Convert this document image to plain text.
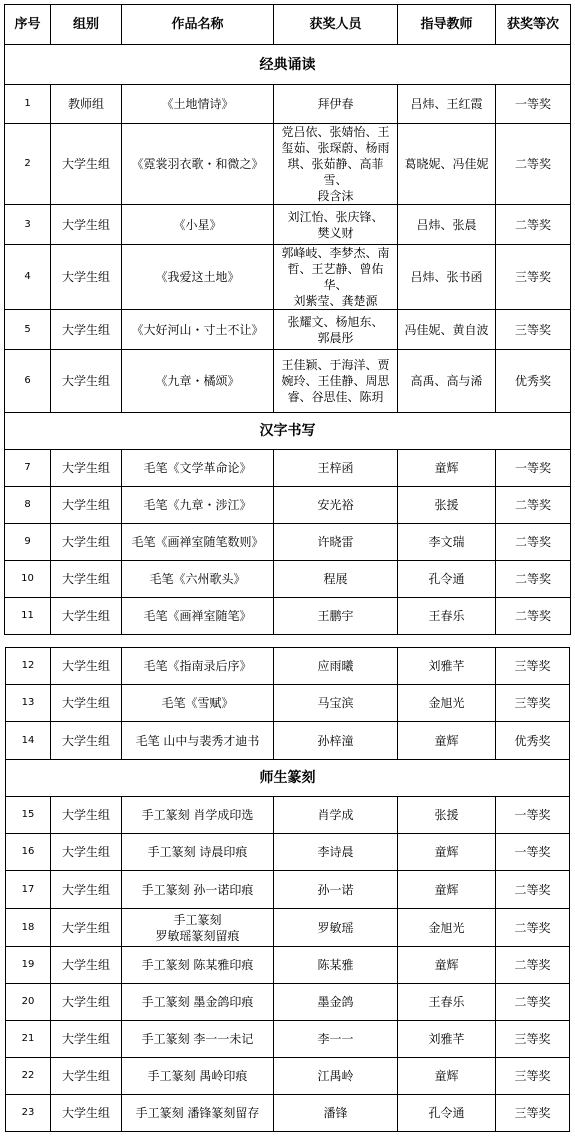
序号	组别	作品名称	获奖人员	指导教师	获奖等次
经典诵读					
1	教师组	《土地情诗》	拜伊春	吕炜、王红霞	一等奖
2	大学生组	《霓裳羽衣歌・和微之》	党吕依、张婧怡、王
玺茹、张琛蔚、杨雨
琪、张茹静、高菲雪、
段含沫	葛晓妮、冯佳妮	二等奖
3	大学生组	《小星》	刘江怡、张庆锋、
樊义财	吕炜、张晨	二等奖
4	大学生组	《我爱这土地》	郭峰岐、李梦杰、南
哲、王艺静、曾佑华、
刘紫莹、龚楚源	吕炜、张书函	三等奖
5	大学生组	《大好河山・寸土不让》	张耀文、杨旭东、
郭晨彤	冯佳妮、黄自波	三等奖
6	大学生组	《九章・橘颂》	王佳颖、于海洋、贾
婉玲、王佳静、周思
睿、谷思佳、陈玥	高禹、高与浠	优秀奖
汉字书写					
7	大学生组	毛笔《文学革命论》	王梓函	童辉	一等奖
8	大学生组	毛笔《九章・涉江》	安光裕	张援	二等奖
9	大学生组	毛笔《画禅室随笔数则》	许晓雷	李文瑞	二等奖
10	大学生组	毛笔《六州歌头》	程展	孔令通	二等奖
11	大学生组	毛笔《画禅室随笔》	王鹏宇	王春乐	二等奖
12	大学生组	毛笔《指南录后序》	应雨曦	刘雅芊	三等奖
13	大学生组	毛笔《雪赋》	马宝滨	金旭光	三等奖
14	大学生组	毛笔 山中与裴秀才迪书	孙梓潼	童辉	优秀奖
师生篆刻					
15	大学生组	手工篆刻 肖学成印选	肖学成	张援	一等奖
16	大学生组	手工篆刻 诗晨印痕	李诗晨	童辉	一等奖
17	大学生组	手工篆刻 孙一诺印痕	孙一诺	童辉	二等奖
18	大学生组	手工篆刻
罗敏瑶篆刻留痕	罗敏瑶	金旭光	二等奖
19	大学生组	手工篆刻 陈某雅印痕	陈某雅	童辉	二等奖
20	大学生组	手工篆刻 墨金鸽印痕	墨金鸽	王春乐	二等奖
21	大学生组	手工篆刻 李一一未记	李一一	刘雅芊	三等奖
22	大学生组	手工篆刻 禺岭印痕	江禺岭	童辉	三等奖
23	大学生组	手工篆刻 潘锋篆刻留存	潘锋	孔令通	三等奖
